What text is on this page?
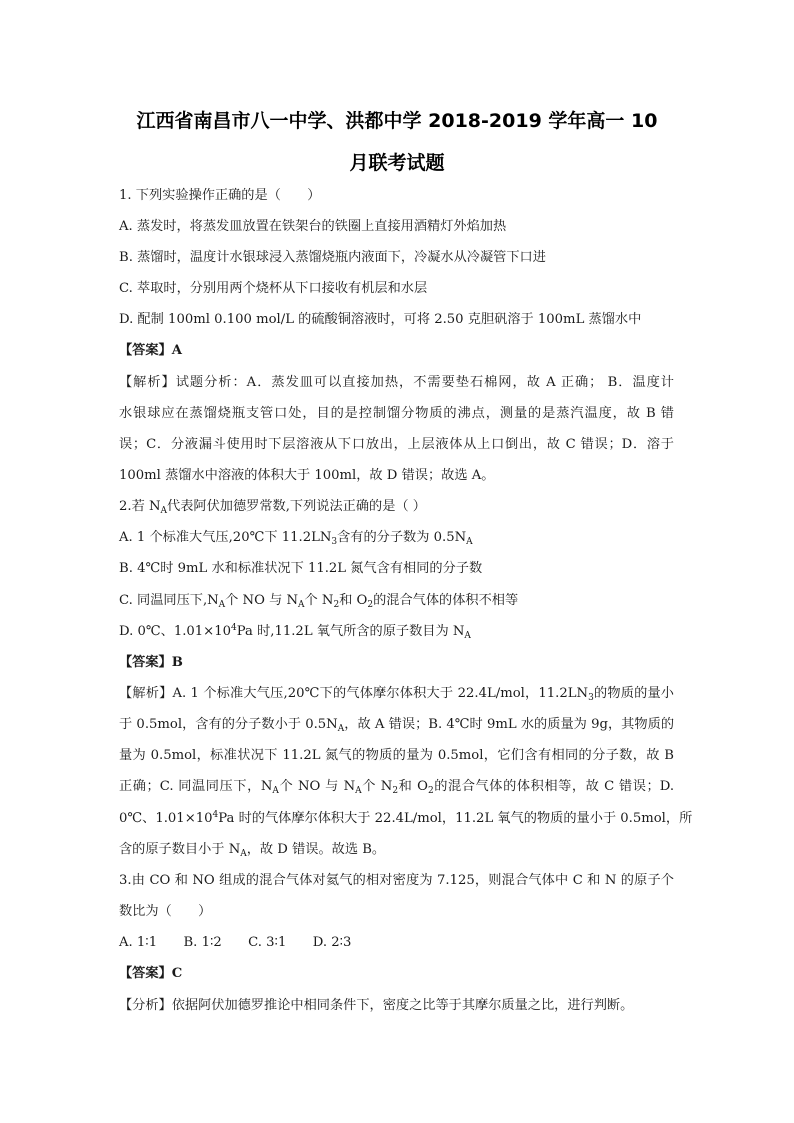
江西省南昌市八一中学、洪都中学 2018-2019 学年高一 10
月联考试题
1. 下列实验操作正确的是（　　）
A. 蒸发时，将蒸发皿放置在铁架台的铁圈上直接用酒精灯外焰加热
B. 蒸馏时，温度计水银球浸入蒸馏烧瓶内液面下，冷凝水从冷凝管下口进
C. 萃取时，分别用两个烧杯从下口接收有机层和水层
D. 配制 100ml 0.100 mol/L 的硫酸铜溶液时，可将 2.50 克胆矾溶于 100mL 蒸馏水中
【答案】A
【解析】试题分析：A．蒸发皿可以直接加热，不需要垫石棉网，故 A 正确； B．温度计
水银球应在蒸馏烧瓶支管口处，目的是控制馏分物质的沸点，测量的是蒸汽温度，故 B 错
误；C．分液漏斗使用时下层溶液从下口放出，上层液体从上口倒出，故 C 错误；D．溶于
100ml 蒸馏水中溶液的体积大于 100ml，故 D 错误；故选 A。
2.若 $N_A$代表阿伏加德罗常数,下列说法正确的是（ ）
A. 1 个标准大气压,20℃下 $11.2LN_3$含有的分子数为 $0.5N_A$
B. 4℃时 9mL 水和标准状况下 11.2L 氮气含有相同的分子数
C. 同温同压下$,N_A$个 NO 与 $N_A$个 $N_2$和 $O_2$的混合气体的体积不相等
D. 0℃、$1.01\times 10^4Pa$ 时,11.2L 氧气所含的原子数目为 $N_A$
【答案】B
【解析】A. 1 个标准大气压,20℃下的气体摩尔体积大于 22.4L/mol，$11.2LN_3$的物质的量小
于 0.5mol，含有的分子数小于 $0.5N_A$，故 A 错误；B. 4℃时 9mL 水的质量为 9g，其物质的
量为 0.5mol，标准状况下 11.2L 氮气的物质的量为 0.5mol，它们含有相同的分子数，故 B
正确；C. 同温同压下，$N_A$个 NO 与 $N_A$个 $N_2$和 $O_2$的混合气体的体积相等，故 C 错误；D.
0℃、$1.01\times 10^4Pa$ 时的气体摩尔体积大于 22.4L/mol，11.2L 氧气的物质的量小于 0.5mol，所
含的原子数目小于 $N_A$，故 D 错误。故选 B。
3.由 CO 和 NO 组成的混合气体对氦气的相对密度为 7.125，则混合气体中 C 和 N 的原子个
数比为（　　）
A. 1∶1　　B. 1∶2　　C. 3∶1　　D. 2∶3
【答案】C
【分析】依据阿伏加德罗推论中相同条件下，密度之比等于其摩尔质量之比，进行判断。
